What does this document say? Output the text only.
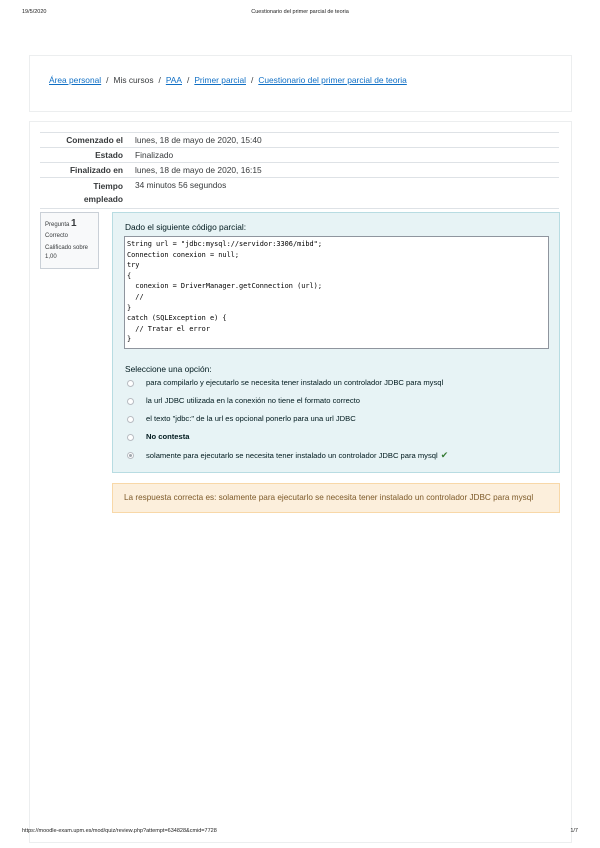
19/5/2020	Cuestionario del primer parcial de teoria
Área personal / Mis cursos / PAA / Primer parcial / Cuestionario del primer parcial de teoria
Comenzado el	lunes, 18 de mayo de 2020, 15:40
Estado	Finalizado
Finalizado en	lunes, 18 de mayo de 2020, 16:15
Tiempo
empleado	34 minutos 56 segundos
Pregunta 1
Correcto
Calificado sobre
1,00
Dado el siguiente código parcial:
String url = "jdbc:mysql://servidor:3306/mibd";
Connection conexion = null;
try
{
conexion = DriverManager.getConnection (url);
//
}
catch (SQLException e) {
// Tratar el error
}
Seleccione una opción:
para compilarlo y ejecutarlo se necesita tener instalado un controlador JDBC para mysql
la url JDBC utilizada en la conexión no tiene el formato correcto
el texto "jdbc:" de la url es opcional ponerlo para una url JDBC
No contesta
solamente para ejecutarlo se necesita tener instalado un controlador JDBC para mysql ✔
La respuesta correcta es: solamente para ejecutarlo se necesita tener instalado un controlador JDBC para mysql
https://moodle-exam.upm.es/mod/quiz/review.php?attempt=634828&cmid=7728	1/7
